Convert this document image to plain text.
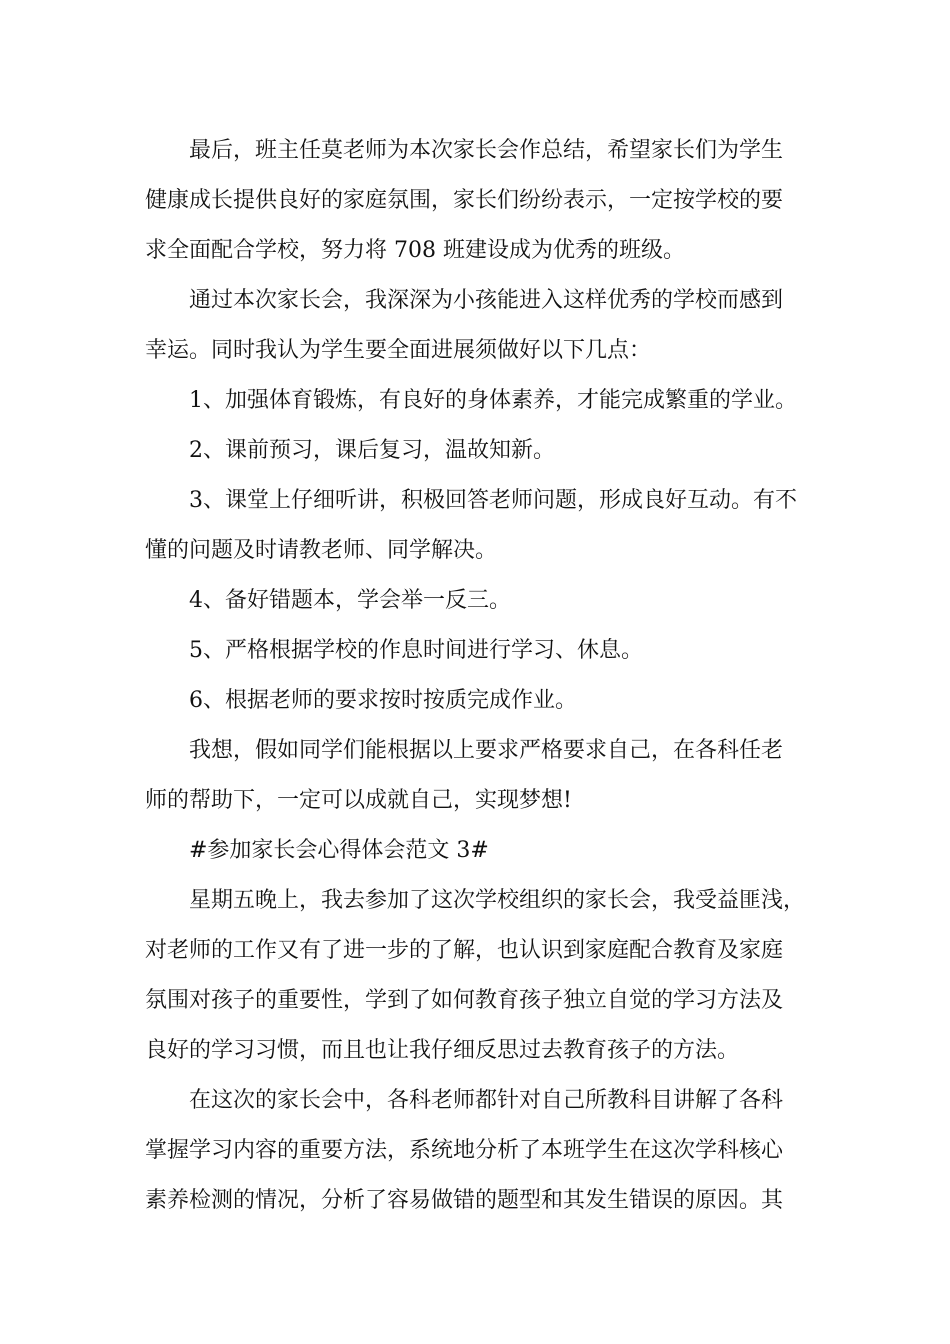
最后，班主任莫老师为本次家长会作总结，希望家长们为学生
健康成长提供良好的家庭氛围，家长们纷纷表示，一定按学校的要
求全面配合学校，努力将 708 班建设成为优秀的班级。

通过本次家长会，我深深为小孩能进入这样优秀的学校而感到
幸运。同时我认为学生要全面进展须做好以下几点：

1、加强体育锻炼，有良好的身体素养，才能完成繁重的学业。

2、课前预习，课后复习，温故知新。

3、课堂上仔细听讲，积极回答老师问题，形成良好互动。有不
懂的问题及时请教老师、同学解决。

4、备好错题本，学会举一反三。

5、严格根据学校的作息时间进行学习、休息。

6、根据老师的要求按时按质完成作业。

我想，假如同学们能根据以上要求严格要求自己，在各科任老
师的帮助下，一定可以成就自己，实现梦想!

#参加家长会心得体会范文 3#

星期五晚上，我去参加了这次学校组织的家长会，我受益匪浅，
对老师的工作又有了进一步的了解，也认识到家庭配合教育及家庭
氛围对孩子的重要性，学到了如何教育孩子独立自觉的学习方法及
良好的学习习惯，而且也让我仔细反思过去教育孩子的方法。

在这次的家长会中，各科老师都针对自己所教科目讲解了各科
掌握学习内容的重要方法，系统地分析了本班学生在这次学科核心
素养检测的情况，分析了容易做错的题型和其发生错误的原因。其
